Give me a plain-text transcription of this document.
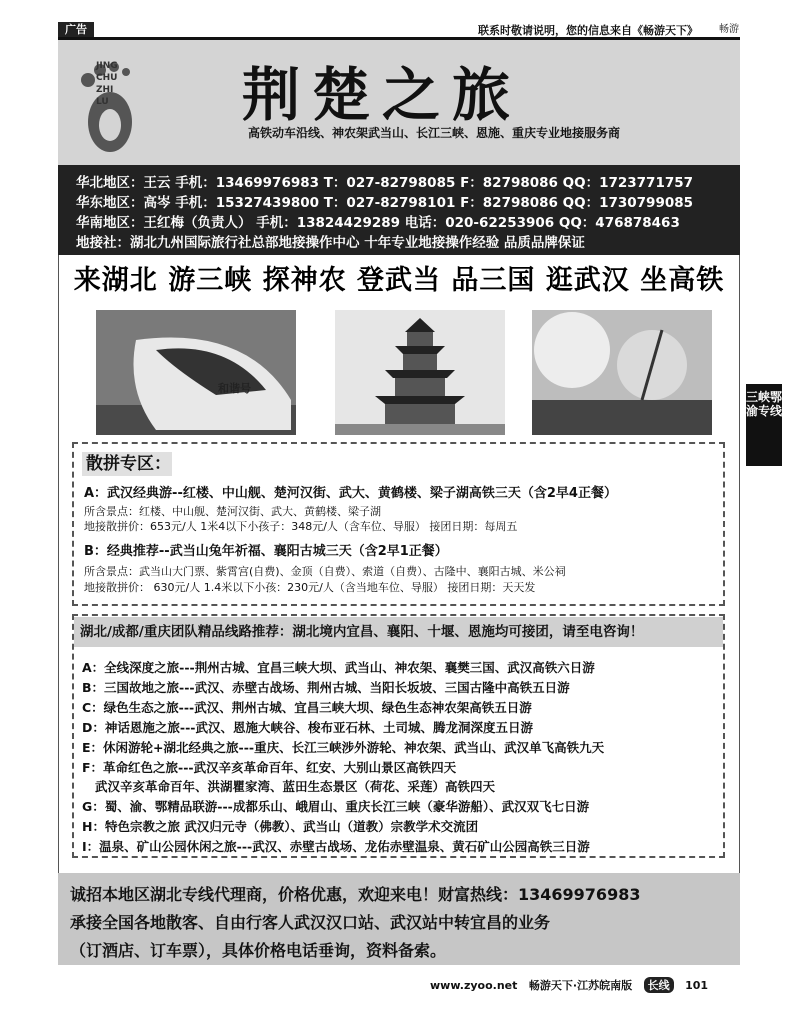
广告	联系时敬请说明，您的信息来自《畅游天下》 畅游
JING CHU ZHI LU	荆楚之旅
高铁动车沿线、神农架武当山、长江三峡、恩施、重庆专业地接服务商
华北地区：王云 手机：13469976983 T：027-82798085 F：82798086 QQ：1723771757
华东地区：高岑 手机：15327439800 T：027-82798101 F：82798086 QQ：1730799085
华南地区：王红梅（负责人） 手机：13824429289 电话：020-62253906 QQ：476878463
地接社：湖北九州国际旅行社总部地接操作中心 十年专业地接操作经验 品质品牌保证
来湖北 游三峡 探神农 登武当 品三国 逛武汉 坐高铁
和谐号
三峡鄂渝专线
散拼专区：
A：武汉经典游--红楼、中山舰、楚河汉街、武大、黄鹤楼、梁子湖高铁三天（含2早4正餐）
所含景点：红楼、中山舰、楚河汉街、武大、黄鹤楼、梁子湖
地接散拼价：653元/人 1米4以下小孩子：348元/人（含车位、导服） 接团日期：每周五
B：经典推荐--武当山兔年祈福、襄阳古城三天（含2早1正餐）
所含景点：武当山大门票、紫霄宫(自费)、金顶（自费）、索道（自费）、古隆中、襄阳古城、米公祠
地接散拼价： 630元/人 1.4米以下小孩：230元/人（含当地车位、导服） 接团日期：天天发
湖北/成都/重庆团队精品线路推荐：湖北境内宜昌、襄阳、十堰、恩施均可接团，请至电咨询！
A：全线深度之旅---荆州古城、宜昌三峡大坝、武当山、神农架、襄樊三国、武汉高铁六日游
B：三国故地之旅---武汉、赤壁古战场、荆州古城、当阳长坂坡、三国古隆中高铁五日游
C：绿色生态之旅---武汉、荆州古城、宜昌三峡大坝、绿色生态神农架高铁五日游
D：神话恩施之旅---武汉、恩施大峡谷、梭布亚石林、土司城、腾龙洞深度五日游
E：休闲游轮+湖北经典之旅---重庆、长江三峡涉外游轮、神农架、武当山、武汉单飞高铁九天
F：革命红色之旅---武汉辛亥革命百年、红安、大别山景区高铁四天
武汉辛亥革命百年、洪湖瞿家湾、蓝田生态景区（荷花、采莲）高铁四天
G：蜀、渝、鄂精品联游---成都乐山、峨眉山、重庆长江三峡（豪华游船）、武汉双飞七日游
H：特色宗教之旅 武汉归元寺（佛教）、武当山（道教）宗教学术交流团
I：温泉、矿山公园休闲之旅---武汉、赤壁古战场、龙佑赤壁温泉、黄石矿山公园高铁三日游
诚招本地区湖北专线代理商，价格优惠，欢迎来电！财富热线：13469976983
承接全国各地散客、自由行客人武汉汉口站、武汉站中转宜昌的业务
（订酒店、订车票），具体价格电话垂询，资料备索。
www.zyoo.net 畅游天下·江苏皖南版 长线 101
